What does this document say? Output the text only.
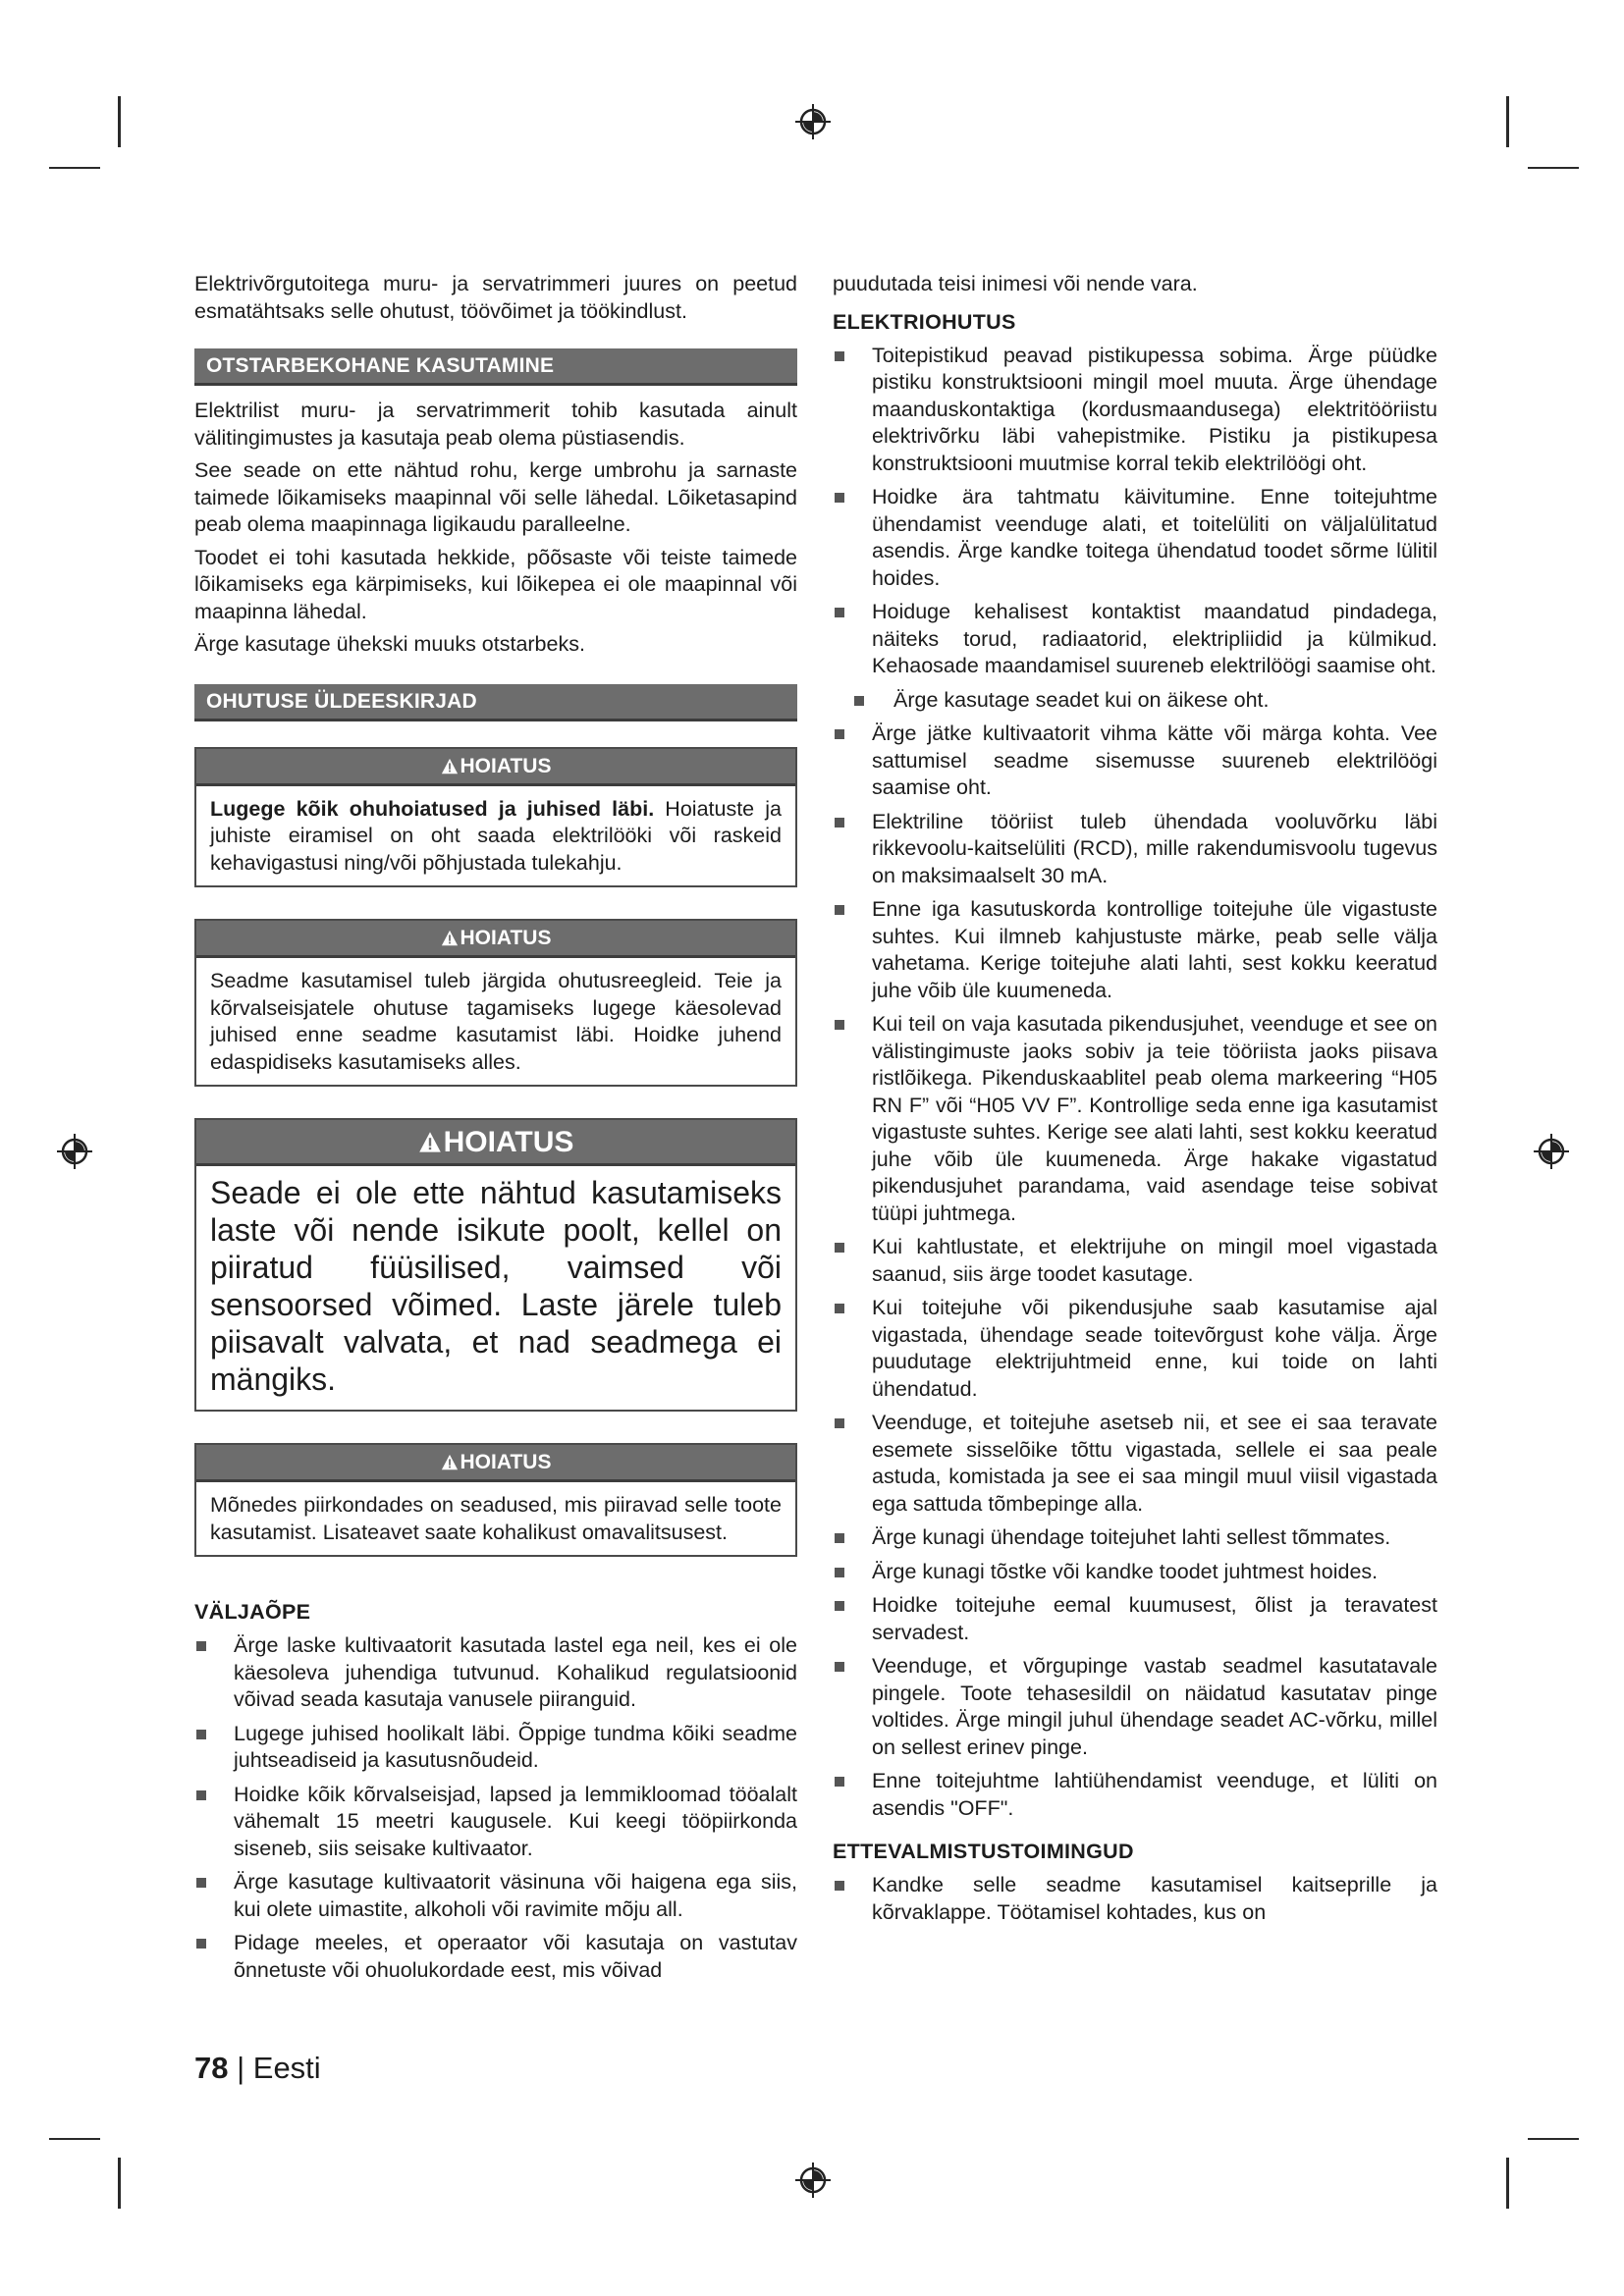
Elektrivõrgutoitega muru- ja servatrimmeri juures on peetud esmatähtsaks selle ohutust, töövõimet ja töökindlust.

OTSTARBEKOHANE KASUTAMINE

Elektrilist muru- ja servatrimmerit tohib kasutada ainult välitingimustes ja kasutaja peab olema püstiasendis.

See seade on ette nähtud rohu, kerge umbrohu ja sarnaste taimede lõikamiseks maapinnal või selle lähedal. Lõiketasapind peab olema maapinnaga ligikaudu paralleelne.

Toodet ei tohi kasutada hekkide, põõsaste või teiste taimede lõikamiseks ega kärpimiseks, kui lõikepea ei ole maapinnal või maapinna lähedal.

Ärge kasutage ühekski muuks otstarbeks.

OHUTUSE ÜLDEESKIRJAD
HOIATUS
Lugege kõik ohuhoiatused ja juhised läbi. Hoiatuste ja juhiste eiramisel on oht saada elektrilööki või raskeid kehavigastusi ning/või põhjustada tulekahju.
HOIATUS
Seadme kasutamisel tuleb järgida ohutusreegleid. Teie ja kõrvalseisjatele ohutuse tagamiseks lugege käesolevad juhised enne seadme kasutamist läbi. Hoidke juhend edaspidiseks kasutamiseks alles.
HOIATUS
Seade ei ole ette nähtud kasutamiseks laste või nende isikute poolt, kellel on piiratud füüsilised, vaimsed või sensoorsed võimed. Laste järele tuleb piisavalt valvata, et nad seadmega ei mängiks.
HOIATUS
Mõnedes piirkondades on seadused, mis piiravad selle toote kasutamist. Lisateavet saate kohalikust omavalitsusest.
VÄLJAÕPE
Ärge laske kultivaatorit kasutada lastel ega neil, kes ei ole käesoleva juhendiga tutvunud. Kohalikud regulatsioonid võivad seada kasutaja vanusele piiranguid.
Lugege juhised hoolikalt läbi. Õppige tundma kõiki seadme juhtseadiseid ja kasutusnõudeid.
Hoidke kõik kõrvalseisjad, lapsed ja lemmikloomad tööalalt vähemalt 15 meetri kaugusele. Kui keegi tööpiirkonda siseneb, siis seisake kultivaator.
Ärge kasutage kultivaatorit väsinuna või haigena ega siis, kui olete uimastite, alkoholi või ravimite mõju all.
Pidage meeles, et operaator või kasutaja on vastutav õnnetuste või ohuolukordade eest, mis võivad

puudutada teisi inimesi või nende vara.

ELEKTRIOHUTUS
Toitepistikud peavad pistikupessa sobima. Ärge püüdke pistiku konstruktsiooni mingil moel muuta. Ärge ühendage maanduskontaktiga (kordusmaandusega) elektritööriistu elektrivõrku läbi vahepistmike. Pistiku ja pistikupesa konstruktsiooni muutmise korral tekib elektrilöögi oht.
Hoidke ära tahtmatu käivitumine. Enne toitejuhtme ühendamist veenduge alati, et toitelüliti on väljalülitatud asendis. Ärge kandke toitega ühendatud toodet sõrme lülitil hoides.
Hoiduge kehalisest kontaktist maandatud pindadega, näiteks torud, radiaatorid, elektripliidid ja külmikud. Kehaosade maandamisel suureneb elektrilöögi saamise oht.
Ärge kasutage seadet kui on äikese oht.
Ärge jätke kultivaatorit vihma kätte või märga kohta. Vee sattumisel seadme sisemusse suureneb elektrilöögi saamise oht.
Elektriline tööriist tuleb ühendada vooluvõrku läbi rikkevoolu-kaitselüliti (RCD), mille rakendumisvoolu tugevus on maksimaalselt 30 mA.
Enne iga kasutuskorda kontrollige toitejuhe üle vigastuste suhtes. Kui ilmneb kahjustuste märke, peab selle välja vahetama. Kerige toitejuhe alati lahti, sest kokku keeratud juhe võib üle kuumeneda.
Kui teil on vaja kasutada pikendusjuhet, veenduge et see on välistingimuste jaoks sobiv ja teie tööriista jaoks piisava ristlõikega. Pikenduskaablitel peab olema markeering “H05 RN F” või “H05 VV F”. Kontrollige seda enne iga kasutamist vigastuste suhtes. Kerige see alati lahti, sest kokku keeratud juhe võib üle kuumeneda. Ärge hakake vigastatud pikendusjuhet parandama, vaid asendage teise sobivat tüüpi juhtmega.
Kui kahtlustate, et elektrijuhe on mingil moel vigastada saanud, siis ärge toodet kasutage.
Kui toitejuhe või pikendusjuhe saab kasutamise ajal vigastada, ühendage seade toitevõrgust kohe välja. Ärge puudutage elektrijuhtmeid enne, kui toide on lahti ühendatud.
Veenduge, et toitejuhe asetseb nii, et see ei saa teravate esemete sisselõike tõttu vigastada, sellele ei saa peale astuda, komistada ja see ei saa mingil muul viisil vigastada ega sattuda tõmbepinge alla.
Ärge kunagi ühendage toitejuhet lahti sellest tõmmates.
Ärge kunagi tõstke või kandke toodet juhtmest hoides.
Hoidke toitejuhe eemal kuumusest, õlist ja teravatest servadest.
Veenduge, et võrgupinge vastab seadmel kasutatavale pingele. Toote tehasesildil on näidatud kasutatav pinge voltides. Ärge mingil juhul ühendage seadet AC-võrku, millel on sellest erinev pinge.
Enne toitejuhtme lahtiühendamist veenduge, et lüliti on asendis "OFF".
ETTEVALMISTUSTOIMINGUD
Kandke selle seadme kasutamisel kaitseprille ja kõrvaklappe. Töötamisel kohtades, kus on
78 | Eesti
